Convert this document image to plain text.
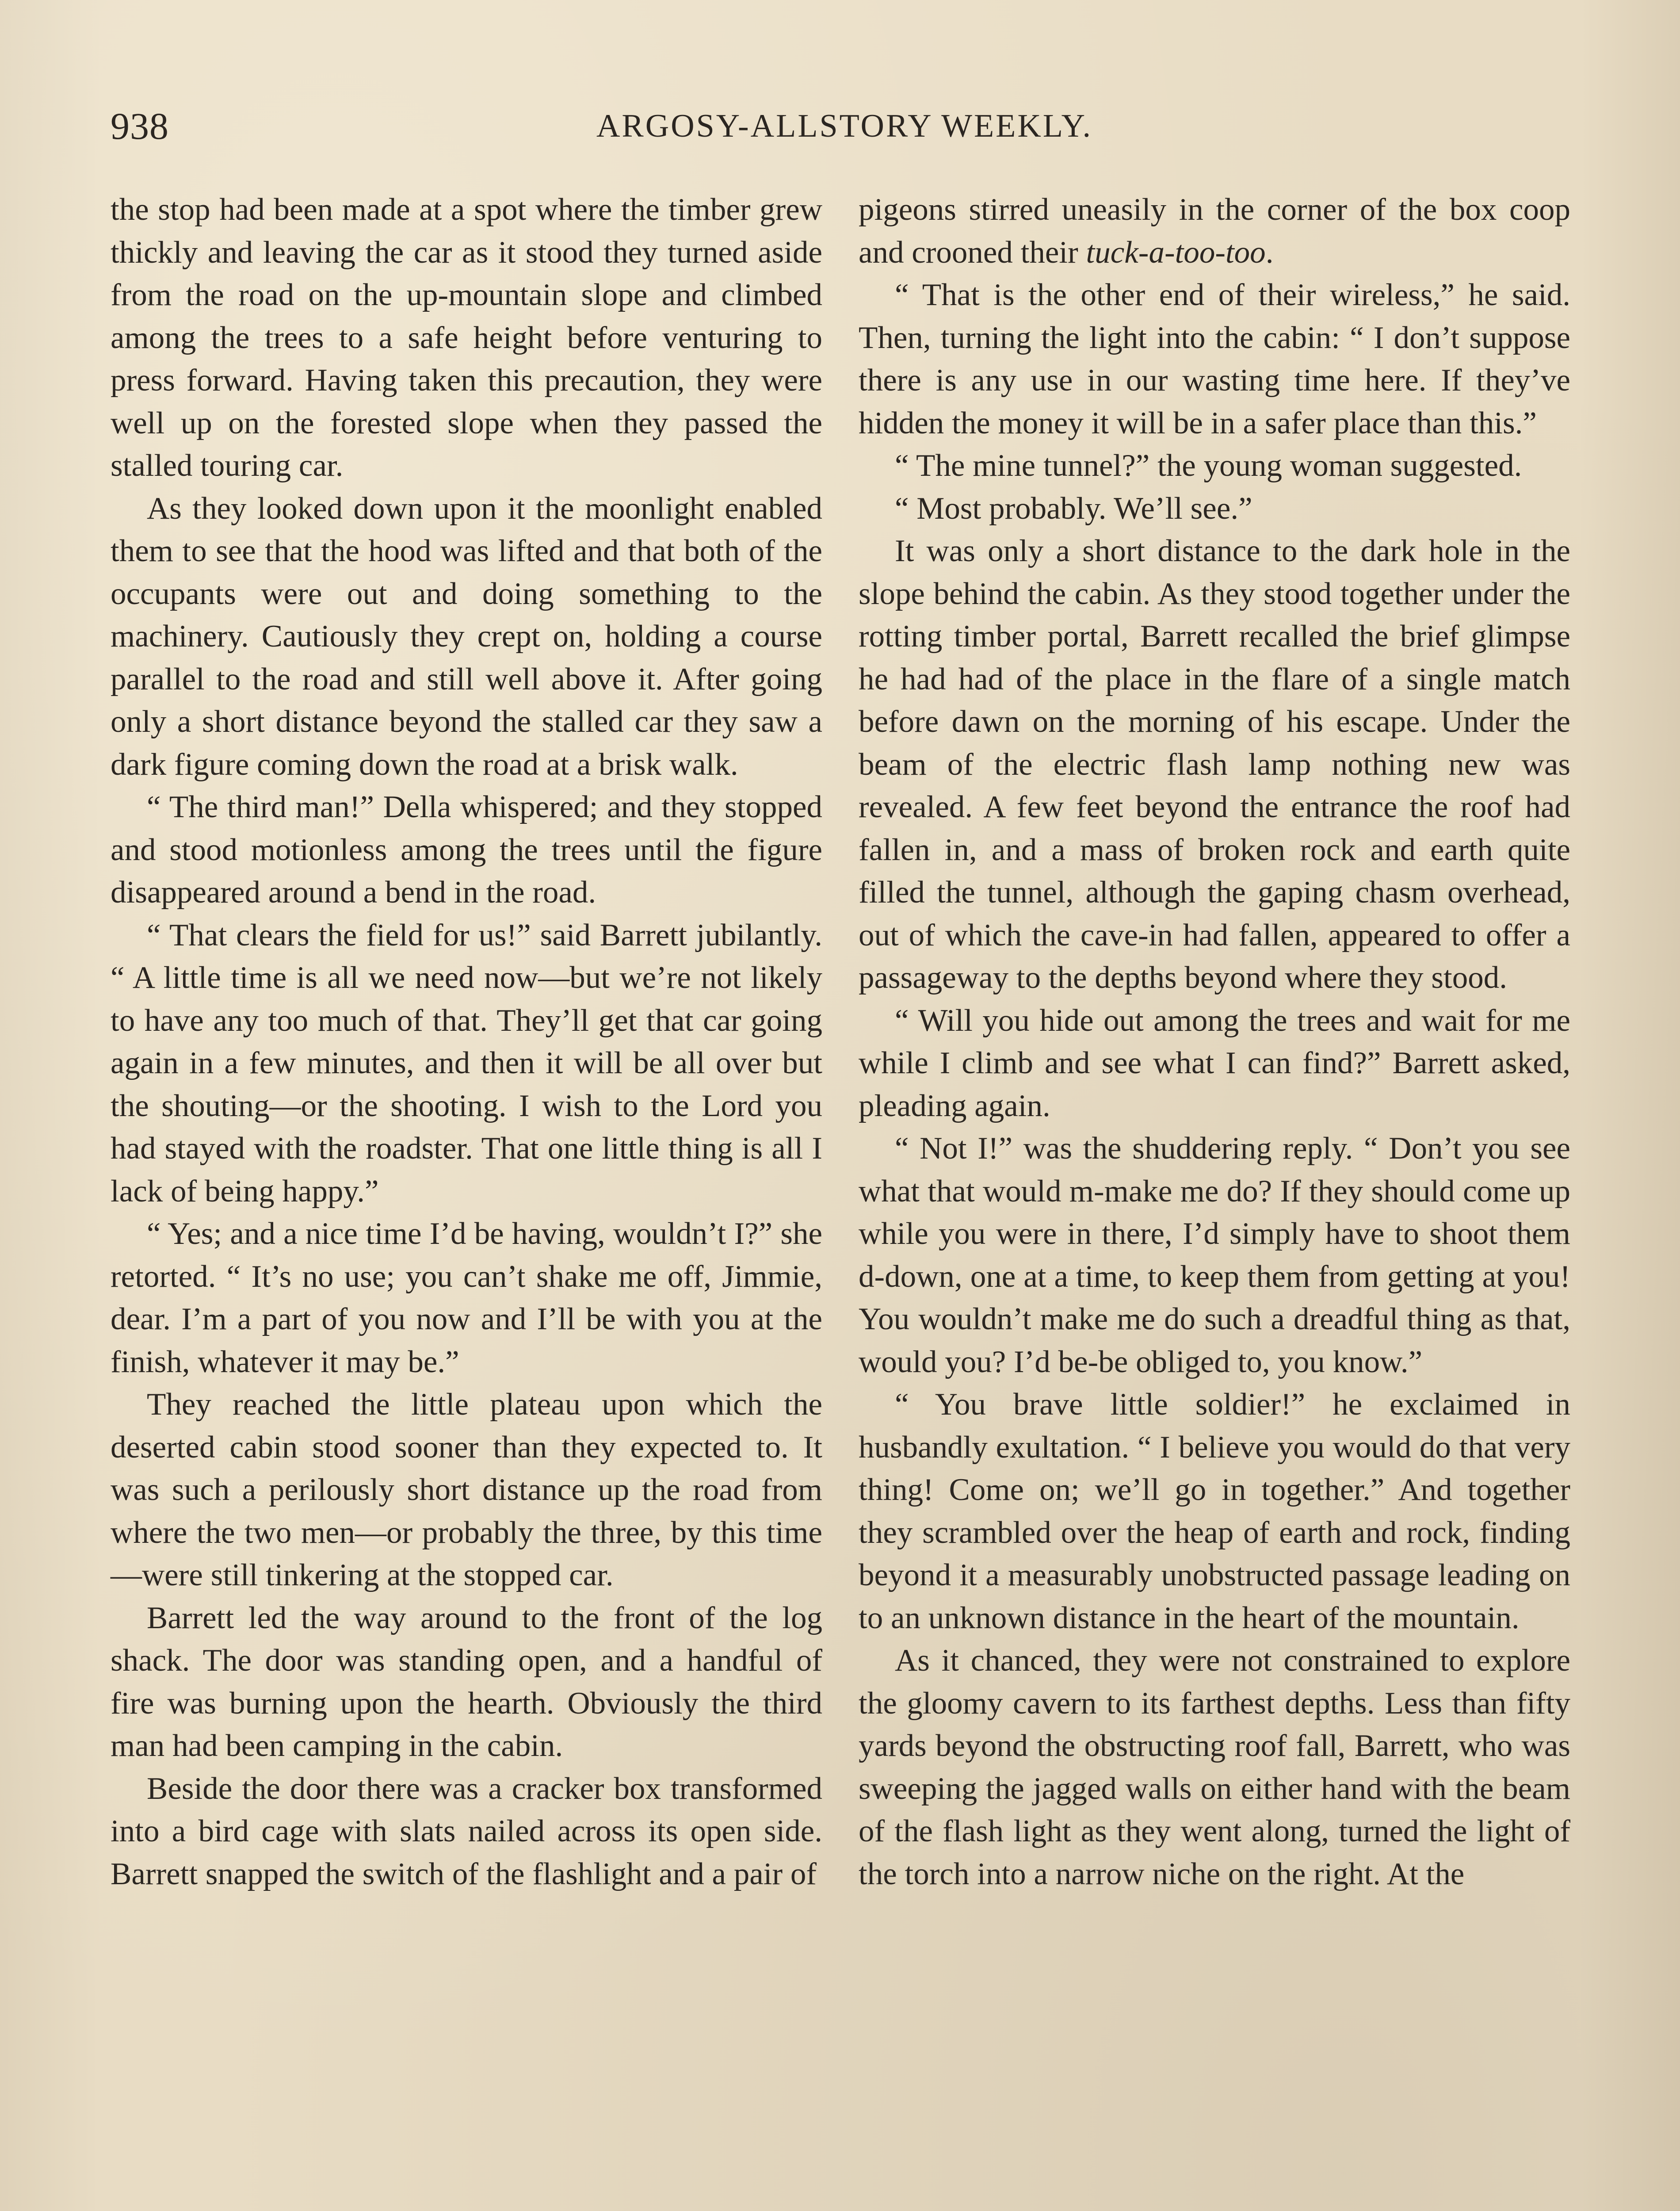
938	ARGOSY-ALLSTORY WEEKLY.

the stop had been made at a spot where the timber grew thickly and leaving the car as it stood they turned aside from the road on the up-mountain slope and climbed among the trees to a safe height before venturing to press forward. Having taken this precaution, they were well up on the forested slope when they passed the stalled touring car.

As they looked down upon it the moonlight enabled them to see that the hood was lifted and that both of the occupants were out and doing something to the machinery. Cautiously they crept on, holding a course parallel to the road and still well above it. After going only a short distance beyond the stalled car they saw a dark figure coming down the road at a brisk walk.

“ The third man!” Della whispered; and they stopped and stood motionless among the trees until the figure disappeared around a bend in the road.

“ That clears the field for us!” said Barrett jubilantly. “ A little time is all we need now—but we’re not likely to have any too much of that. They’ll get that car going again in a few minutes, and then it will be all over but the shouting—or the shooting. I wish to the Lord you had stayed with the roadster. That one little thing is all I lack of being happy.”

“ Yes; and a nice time I’d be having, wouldn’t I?” she retorted. “ It’s no use; you can’t shake me off, Jimmie, dear. I’m a part of you now and I’ll be with you at the finish, whatever it may be.”

They reached the little plateau upon which the deserted cabin stood sooner than they expected to. It was such a perilously short distance up the road from where the two men—or probably the three, by this time—were still tinkering at the stopped car.

Barrett led the way around to the front of the log shack. The door was standing open, and a handful of fire was burning upon the hearth. Obviously the third man had been camping in the cabin.

Beside the door there was a cracker box transformed into a bird cage with slats nailed across its open side. Barrett snapped the switch of the flashlight and a pair of

pigeons stirred uneasily in the corner of the box coop and crooned their tuck-a-too-too.

“ That is the other end of their wireless,” he said. Then, turning the light into the cabin: “ I don’t suppose there is any use in our wasting time here. If they’ve hidden the money it will be in a safer place than this.”

“ The mine tunnel?” the young woman suggested.

“ Most probably. We’ll see.”

It was only a short distance to the dark hole in the slope behind the cabin. As they stood together under the rotting timber portal, Barrett recalled the brief glimpse he had had of the place in the flare of a single match before dawn on the morning of his escape. Under the beam of the electric flash lamp nothing new was revealed. A few feet beyond the entrance the roof had fallen in, and a mass of broken rock and earth quite filled the tunnel, although the gaping chasm overhead, out of which the cave-in had fallen, appeared to offer a passageway to the depths beyond where they stood.

“ Will you hide out among the trees and wait for me while I climb and see what I can find?” Barrett asked, pleading again.

“ Not I!” was the shuddering reply. “ Don’t you see what that would m-make me do? If they should come up while you were in there, I’d simply have to shoot them d-down, one at a time, to keep them from getting at you! You wouldn’t make me do such a dreadful thing as that, would you? I’d be-be obliged to, you know.”

“ You brave little soldier!” he exclaimed in husbandly exultation. “ I believe you would do that very thing! Come on; we’ll go in together.” And together they scrambled over the heap of earth and rock, finding beyond it a measurably unobstructed passage leading on to an unknown distance in the heart of the mountain.

As it chanced, they were not constrained to explore the gloomy cavern to its farthest depths. Less than fifty yards beyond the obstructing roof fall, Barrett, who was sweeping the jagged walls on either hand with the beam of the flash light as they went along, turned the light of the torch into a narrow niche on the right. At the
